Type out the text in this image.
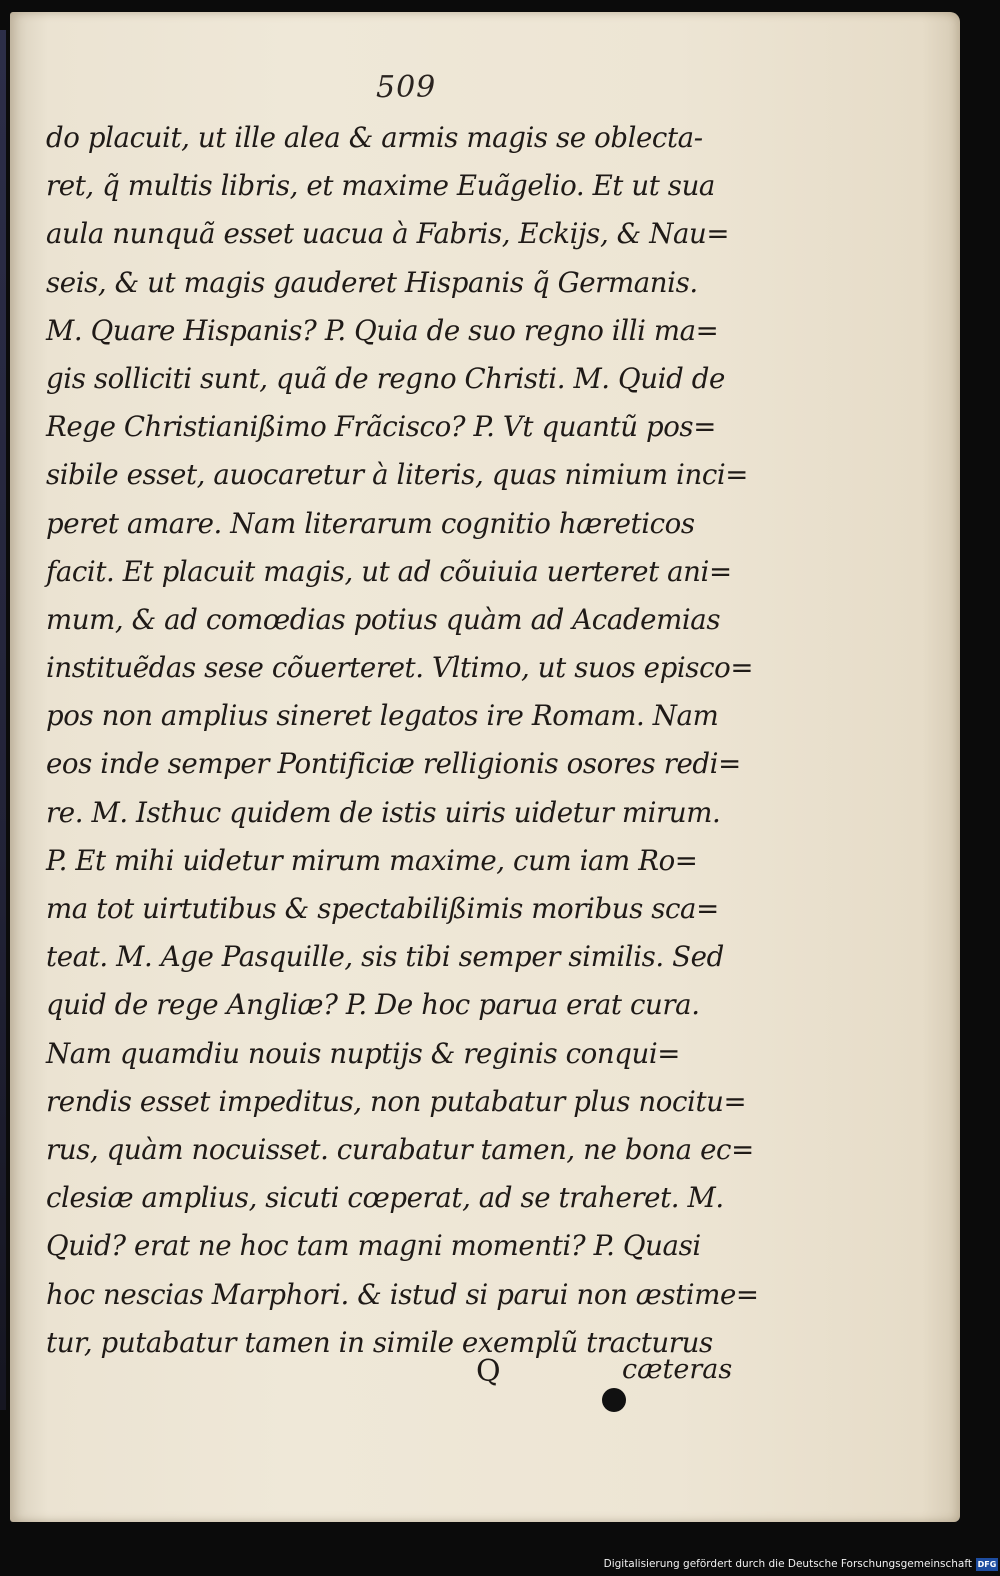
509
do placuit, ut ille alea & armis magis se oblecta-
ret, q̃ multis libris, et maxime Euãgelio. Et ut sua
aula nunquã esset uacua à Fabris, Eckijs, & Nau=
seis, & ut magis gauderet Hispanis q̃ Germanis.
M. Quare Hispanis? P. Quia de suo regno illi ma=
gis solliciti sunt, quã de regno Christi. M. Quid de
Rege Christianißimo Frãcisco? P. Vt quantũ pos=
sibile esset, auocaretur à literis, quas nimium inci=
peret amare. Nam literarum cognitio hæreticos
facit. Et placuit magis, ut ad cõuiuia uerteret ani=
mum, & ad comœdias potius quàm ad Academias
instituẽdas sese cõuerteret. Vltimo, ut suos episco=
pos non amplius sineret legatos ire Romam. Nam
eos inde semper Pontificiæ relligionis osores redi=
re. M. Isthuc quidem de istis uiris uidetur mirum.
P. Et mihi uidetur mirum maxime, cum iam Ro=
ma tot uirtutibus & spectabilißimis moribus sca=
teat. M. Age Pasquille, sis tibi semper similis. Sed
quid de rege Angliæ? P. De hoc parua erat cura.
Nam quamdiu nouis nuptijs & reginis conqui=
rendis esset impeditus, non putabatur plus nocitu=
rus, quàm nocuisset. curabatur tamen, ne bona ec=
clesiæ amplius, sicuti cœperat, ad se traheret. M.
Quid? erat ne hoc tam magni momenti? P. Quasi
hoc nescias Marphori. & istud si parui non æstime=
tur, putabatur tamen in simile exemplũ tracturus
Q	cæteras
Digitalisierung gefördert durch die Deutsche Forschungsgemeinschaft DFG
